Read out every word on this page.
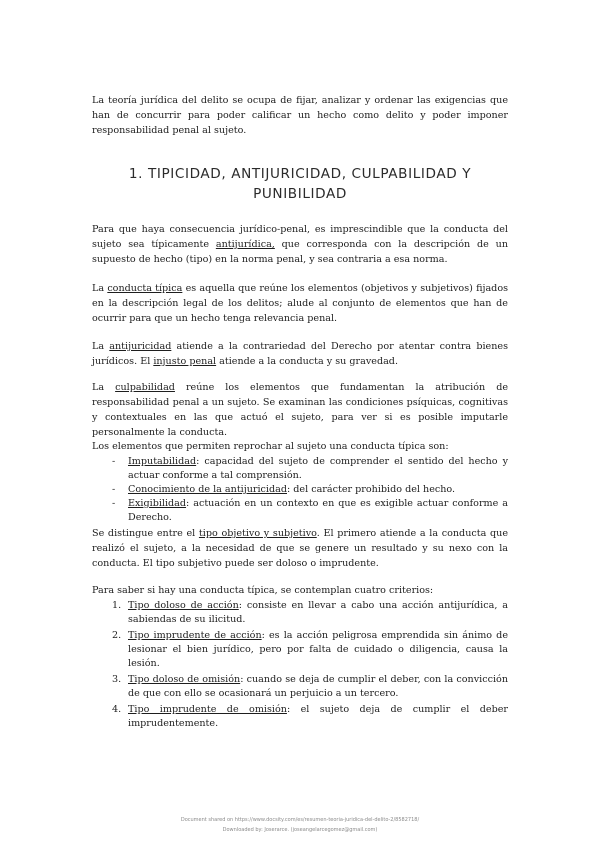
La teoría jurídica del delito se ocupa de fijar, analizar y ordenar las exigencias que han de concurrir para poder calificar un hecho como delito y poder imponer responsabilidad penal al sujeto.

1. TIPICIDAD, ANTIJURICIDAD, CULPABILIDAD Y PUNIBILIDAD

Para que haya consecuencia jurídico-penal, es imprescindible que la conducta del sujeto sea típicamente antijurídica, que corresponda con la descripción de un supuesto de hecho (tipo) en la norma penal, y sea contraria a esa norma.

La conducta típica es aquella que reúne los elementos (objetivos y subjetivos) fijados en la descripción legal de los delitos; alude al conjunto de elementos que han de ocurrir para que un hecho tenga relevancia penal.

La antijuricidad atiende a la contrariedad del Derecho por atentar contra bienes jurídicos. El injusto penal atiende a la conducta y su gravedad.

La culpabilidad reúne los elementos que fundamentan la atribución de responsabilidad penal a un sujeto. Se examinan las condiciones psíquicas, cognitivas y contextuales en las que actuó el sujeto, para ver si es posible imputarle personalmente la conducta.

Los elementos que permiten reprochar al sujeto una conducta típica son:

- Imputabilidad: capacidad del sujeto de comprender el sentido del hecho y actuar conforme a tal comprensión.
- Conocimiento de la antijuricidad: del carácter prohibido del hecho.
- Exigibilidad: actuación en un contexto en que es exigible actuar conforme a Derecho.

Se distingue entre el tipo objetivo y subjetivo. El primero atiende a la conducta que realizó el sujeto, a la necesidad de que se genere un resultado y su nexo con la conducta. El tipo subjetivo puede ser doloso o imprudente.

Para saber si hay una conducta típica, se contemplan cuatro criterios:

1. Tipo doloso de acción: consiste en llevar a cabo una acción antijurídica, a sabiendas de su ilicitud.
2. Tipo imprudente de acción: es la acción peligrosa emprendida sin ánimo de lesionar el bien jurídico, pero por falta de cuidado o diligencia, causa la lesión.
3. Tipo doloso de omisión: cuando se deja de cumplir el deber, con la convicción de que con ello se ocasionará un perjuicio a un tercero.
4. Tipo imprudente de omisión: el sujeto deja de cumplir el deber imprudentemente.
Document shared on https://www.docsity.com/es/resumen-teoria-juridica-del-delito-2/8582718/
Downloaded by: Joserarce. (joseangelarcegomez@gmail.com)
